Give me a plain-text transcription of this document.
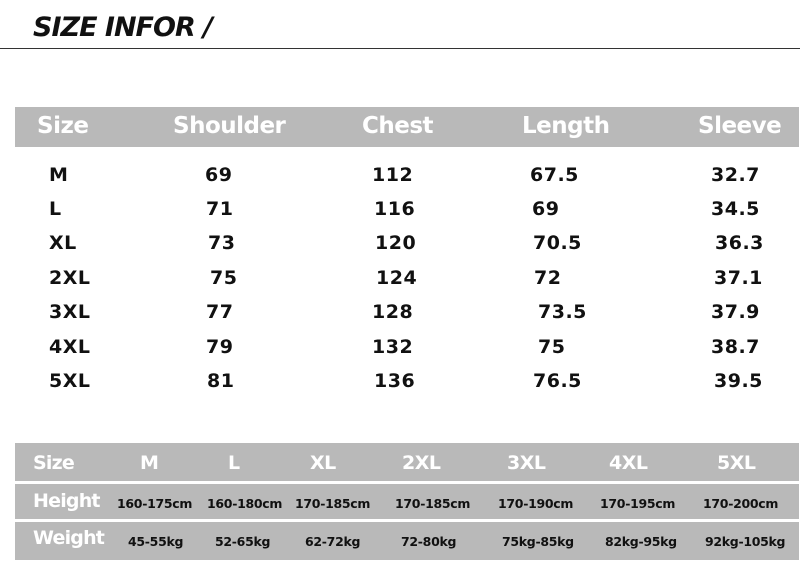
SIZE INFOR /
Size	Shoulder	Chest	Length	Sleeve
M	69	112	67.5	32.7
L	71	116	69	34.5
XL	73	120	70.5	36.3
2XL	75	124	72	37.1
3XL	77	128	73.5	37.9
4XL	79	132	75	38.7
5XL	81	136	76.5	39.5
Size	M	L	XL	2XL	3XL	4XL	5XL
Height 160-175cm 160-180cm 170-185cm 170-185cm 170-190cm 170-195cm 170-200cm
Weight 45-55kg	52-65kg	62-72kg	72-80kg	75kg-85kg 82kg-95kg 92kg-105kg
